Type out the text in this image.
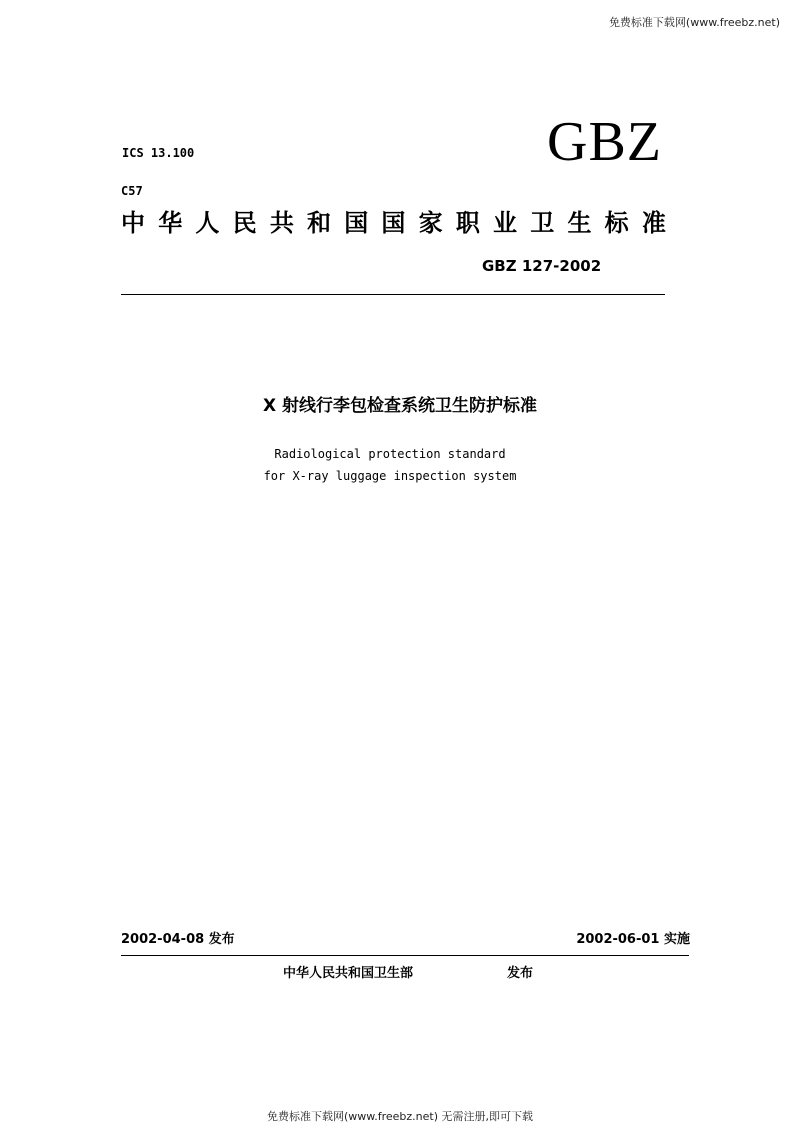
免费标准下载网(www.freebz.net)
ICS 13.100	GBZ
C57
中 华 人 民 共 和 国 国 家 职 业 卫 生 标 准
GBZ 127-2002
X 射线行李包检查系统卫生防护标准
Radiological protection standard
for X-ray luggage inspection system
2002-04-08 发布	2002-06-01 实施
中华人民共和国卫生部	发布
免费标准下载网(www.freebz.net) 无需注册,即可下载
